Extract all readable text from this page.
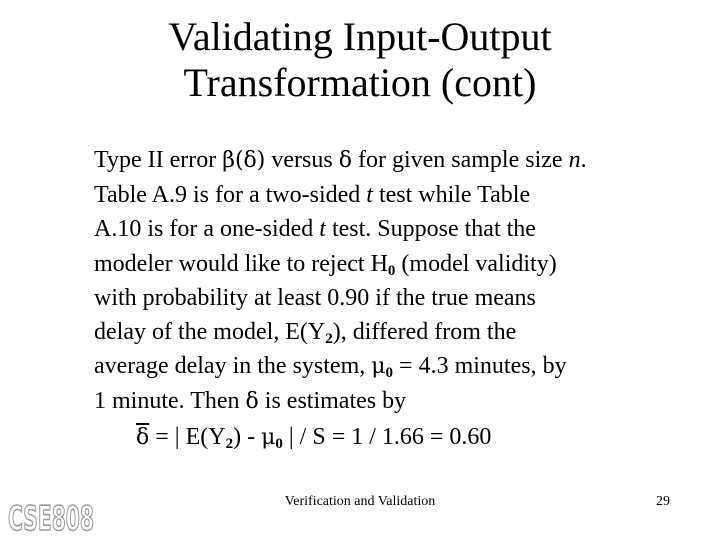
Validating Input-Output
Transformation (cont)
Type II error β(δ) versus δ for given sample size n.
Table A.9 is for a two-sided t test while Table
A.10 is for a one-sided t test. Suppose that the
modeler would like to reject $H_0$ (model validity)
with probability at least 0.90 if the true means
delay of the model, $E(Y_2)$, differed from the
average delay in the system, $\mu_0 = 4.3$ minutes, by
1 minute. Then δ is estimates by
$\overline{\delta}$ = | $E(Y_2) - \mu_0$ | / S = 1 / 1.66 = 0.60
CSE808	Verification and Validation	29
